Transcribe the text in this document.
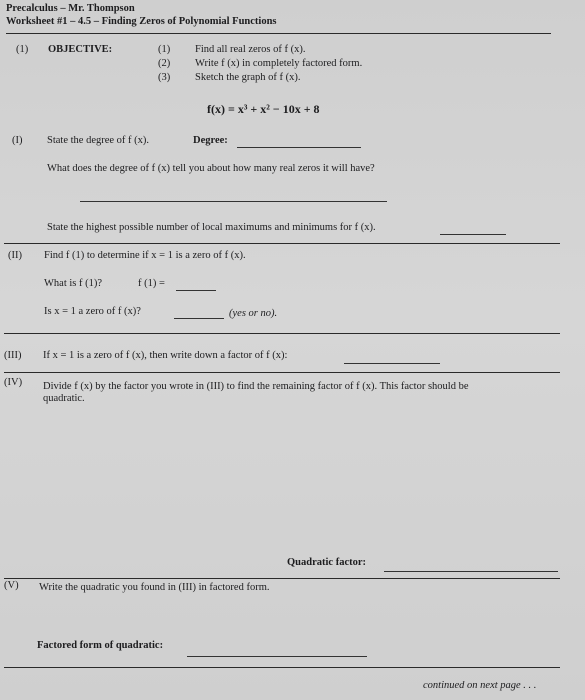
Precalculus – Mr. Thompson
Worksheet #1 – 4.5 – Finding Zeros of Polynomial Functions
(1) OBJECTIVE:	(1) Find all real zeros of f (x).
(2) Write f (x) in completely factored form.
(3) Sketch the graph of f (x).
f(x) = x³ + x² − 10x + 8
(I) State the degree of f (x).	Degree:
What does the degree of f (x) tell you about how many real zeros it will have?
State the highest possible number of local maximums and minimums for f (x).
(II) Find f (1) to determine if x = 1 is a zero of f (x).
What is f (1)?	f (1) =
Is x = 1 a zero of f (x)?	(yes or no).
(III) If x = 1 is a zero of f (x), then write down a factor of f (x):
(IV) Divide f (x) by the factor you wrote in (III) to find the remaining factor of f (x). This factor should be
quadratic.
Quadratic factor:
(V) Write the quadratic you found in (III) in factored form.
Factored form of quadratic:
continued on next page . . .
